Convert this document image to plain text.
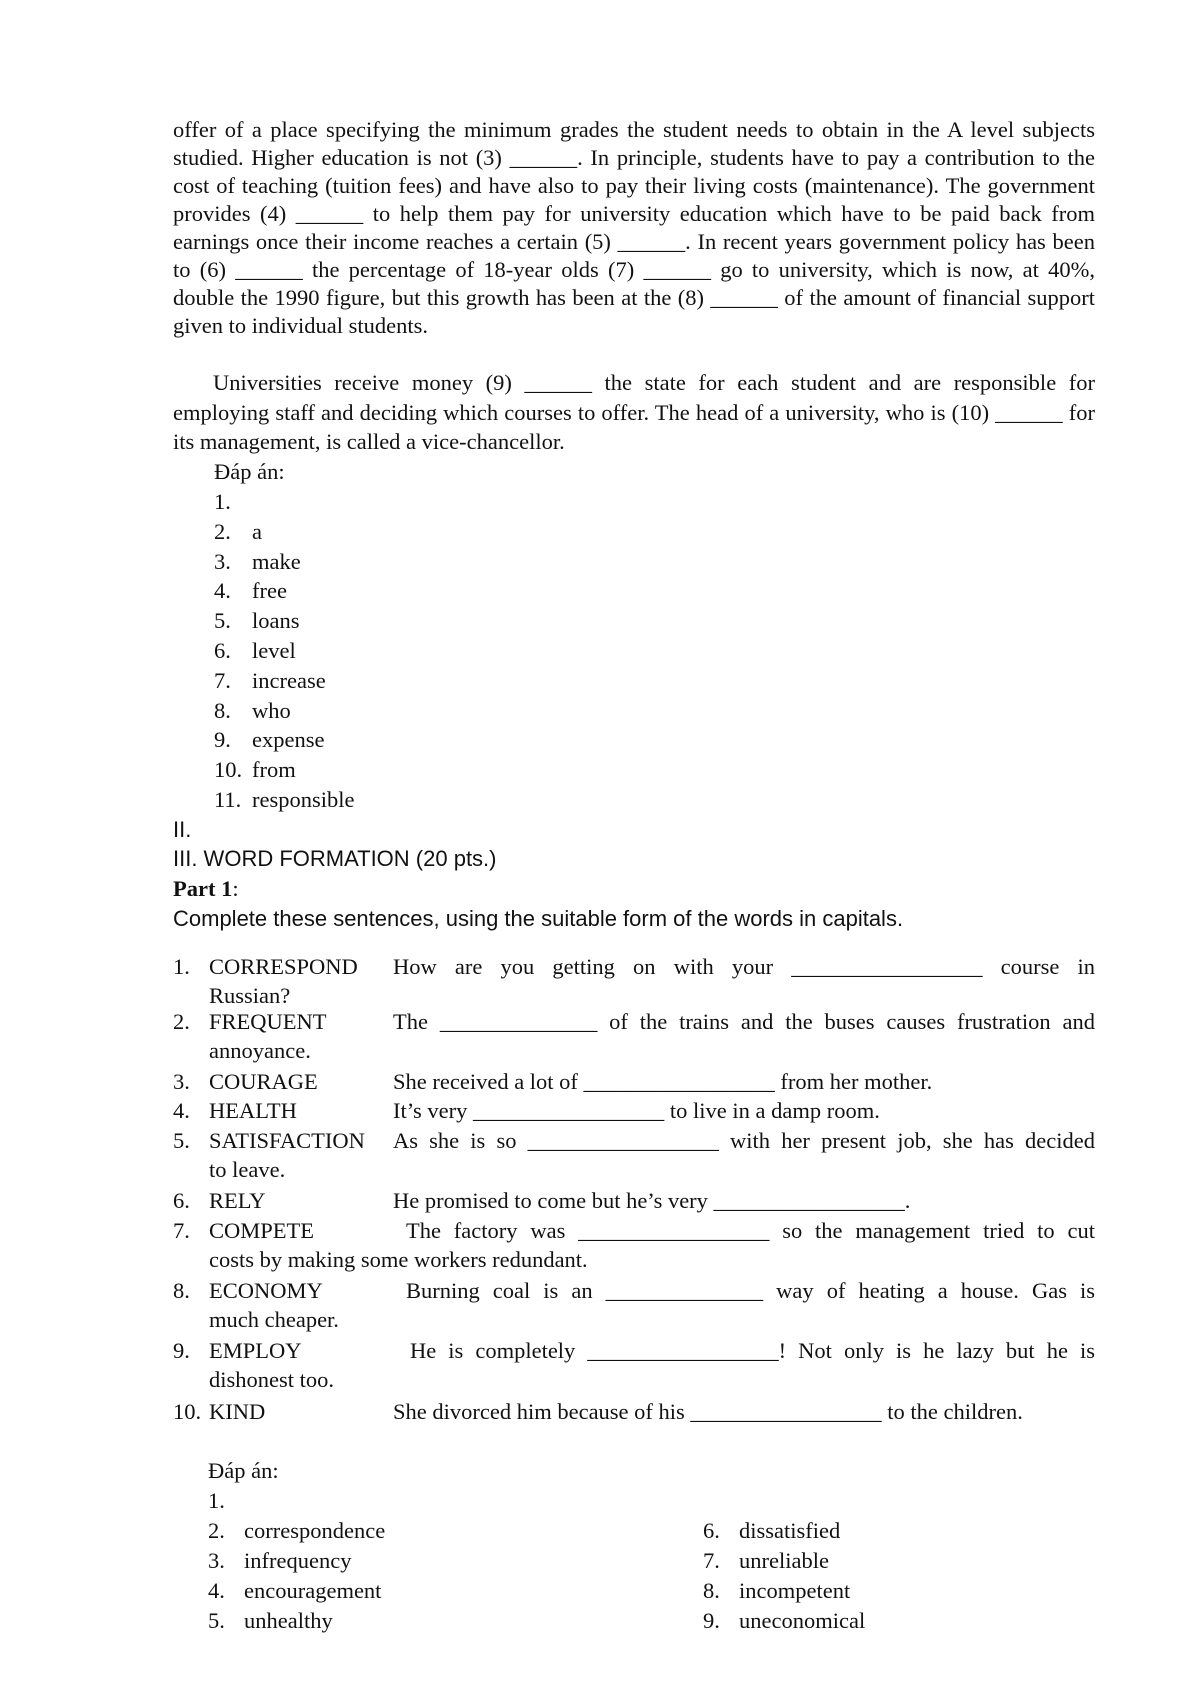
offer of a place specifying the minimum grades the student needs to obtain in the A level subjects studied. Higher education is not (3) ______. In principle, students have to pay a contribution to the cost of teaching (tuition fees) and have also to pay their living costs (maintenance). The government provides (4) ______ to help them pay for university education which have to be paid back from earnings once their income reaches a certain (5) ______. In recent years government policy has been to (6) ______ the percentage of 18-year olds (7) ______ go to university, which is now, at 40%, double the 1990 figure, but this growth has been at the (8) ______ of the amount of financial support given to individual students.

Universities receive money (9) ______ the state for each student and are responsible for employing staff and deciding which courses to offer. The head of a university, who is (10) ______ for its management, is called a vice-chancellor.

Đáp án:
1.
2. a
3. make
4. free
5. loans
6. level
7. increase
8. who
9. expense
10. from
11. responsible
II.
III. WORD FORMATION (20 pts.)
Part 1:
Complete these sentences, using the suitable form of the words in capitals.
1. CORRESPOND How are you getting on with your _________________ course in
Russian?
2. FREQUENT	The ______________ of the trains and the buses causes frustration and
annoyance.
3. COURAGE	She received a lot of _________________ from her mother.
4. HEALTH	It’s very _________________ to live in a damp room.
5. SATISFACTION As she is so _________________ with her present job, she has decided
to leave.
6. RELY	He promised to come but he’s very _________________.
7. COMPETE	The factory was _________________ so the management tried to cut
costs by making some workers redundant.
8. ECONOMY	Burning coal is an ______________ way of heating a house. Gas is
much cheaper.
9. EMPLOY	He is completely _________________! Not only is he lazy but he is
dishonest too.
10. KIND	She divorced him because of his _________________ to the children.
Đáp án:
1.
2. correspondence
3. infrequency
4. encouragement
5. unhealthy
6. dissatisfied
7. unreliable
8. incompetent
9. uneconomical
